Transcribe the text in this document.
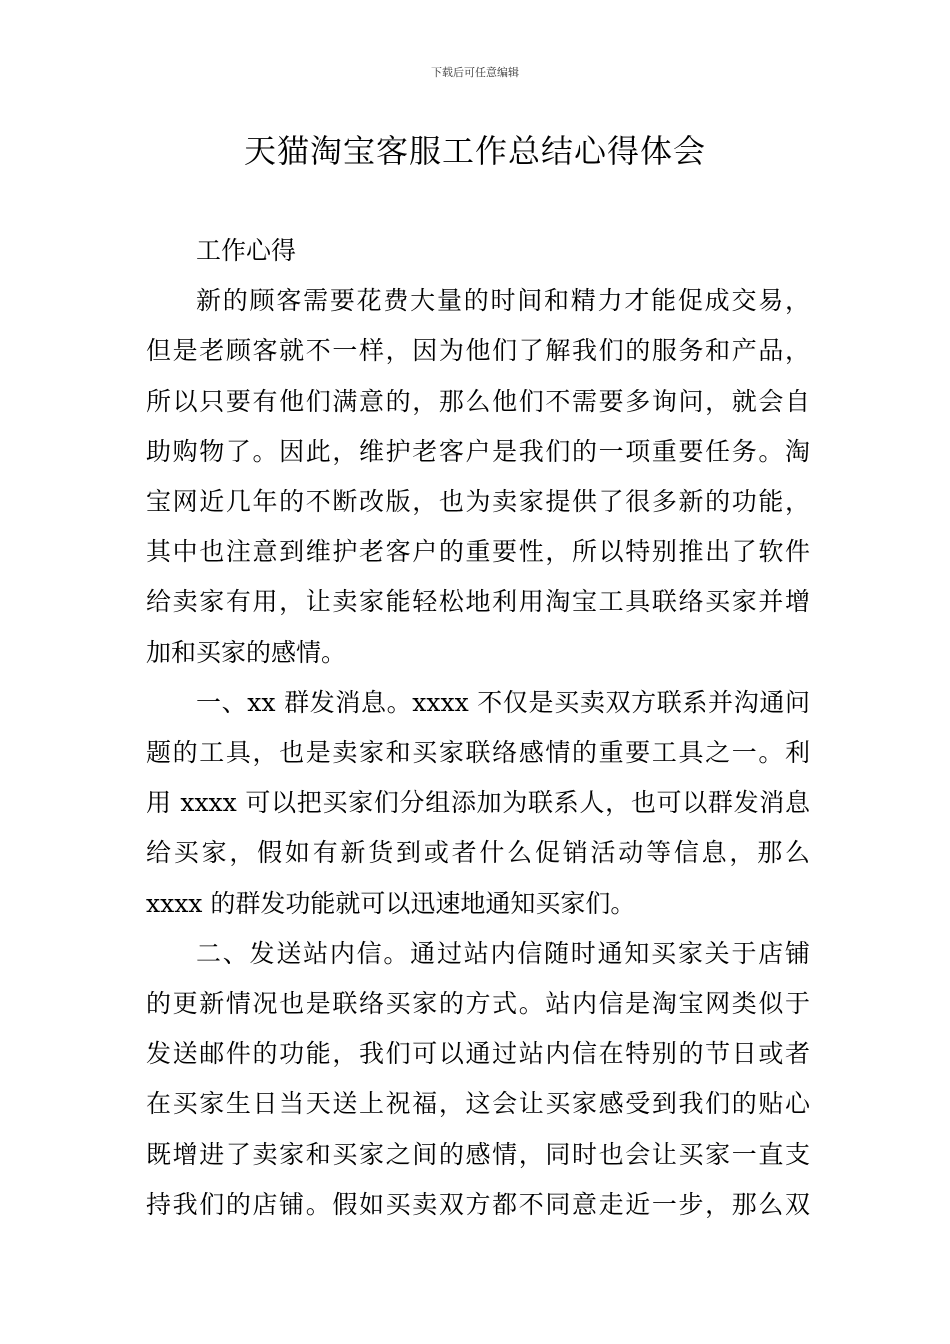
下载后可任意编辑
天猫淘宝客服工作总结心得体会

工作心得

新的顾客需要花费大量的时间和精力才能促成交易，
但是老顾客就不一样，因为他们了解我们的服务和产品，
所以只要有他们满意的，那么他们不需要多询问，就会自
助购物了。因此，维护老客户是我们的一项重要任务。淘
宝网近几年的不断改版，也为卖家提供了很多新的功能，
其中也注意到维护老客户的重要性，所以特别推出了软件
给卖家有用，让卖家能轻松地利用淘宝工具联络买家并增
加和买家的感情。

一、xx 群发消息。xxxx 不仅是买卖双方联系并沟通问
题的工具，也是卖家和买家联络感情的重要工具之一。利
用 xxxx 可以把买家们分组添加为联系人，也可以群发消息
给买家，假如有新货到或者什么促销活动等信息，那么
xxxx 的群发功能就可以迅速地通知买家们。

二、发送站内信。通过站内信随时通知买家关于店铺
的更新情况也是联络买家的方式。站内信是淘宝网类似于
发送邮件的功能，我们可以通过站内信在特别的节日或者
在买家生日当天送上祝福，这会让买家感受到我们的贴心
既增进了卖家和买家之间的感情，同时也会让买家一直支
持我们的店铺。假如买卖双方都不同意走近一步，那么双
